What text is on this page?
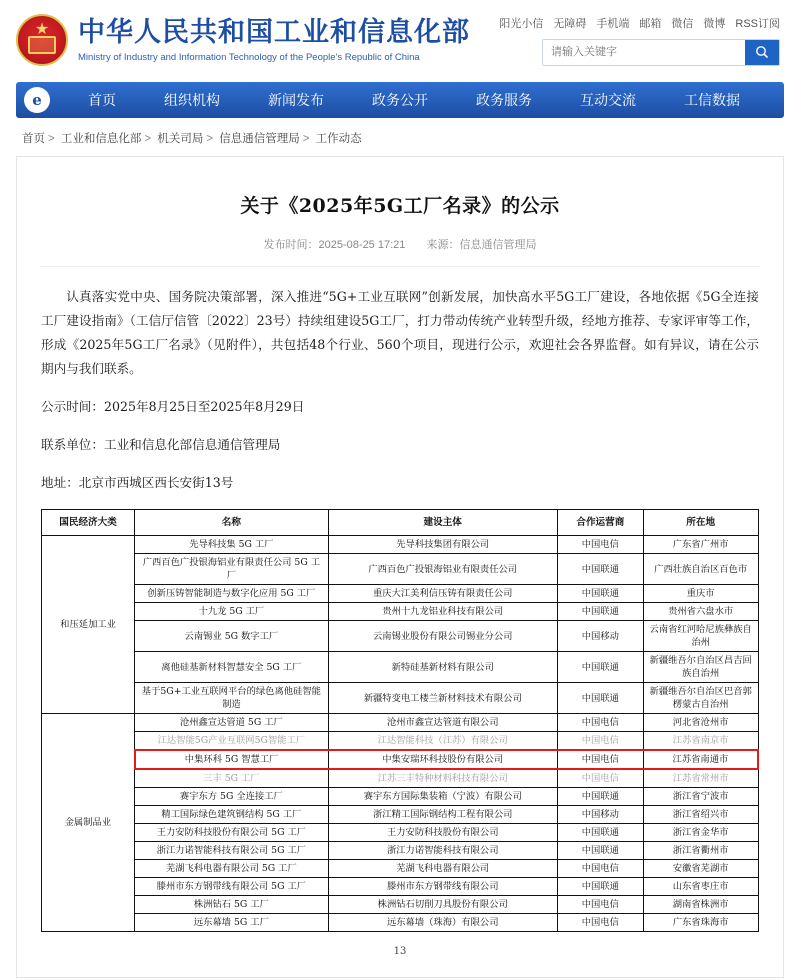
★
中华人民共和国工业和信息化部
Ministry of Industry and Information Technology of the People's Republic of China
阳光小信 无障碍 手机端 邮箱 微信 微博 RSS订阅
请输入关键字
e	首页	组织机构	新闻发布	政务公开	政务服务	互动交流	工信数据
首页 > 工业和信息化部 > 机关司局 > 信息通信管理局 > 工作动态
关于《2025年5G工厂名录》的公示
发布时间：2025-08-25 17:21 来源：信息通信管理局

认真落实党中央、国务院决策部署，深入推进“5G+工业互联网”创新发展，加快高水平5G工厂建设，各地依据《5G全连接工厂建设指南》（工信厅信管〔2022〕23号）持续组建设5G工厂，打力带动传统产业转型升级，经地方推荐、专家评审等工作，形成《2025年5G工厂名录》（见附件），共包括48个行业、560个项目，现进行公示，欢迎社会各界监督。如有异议，请在公示期内与我们联系。

公示时间：2025年8月25日至2025年8月29日

联系单位：工业和信息化部信息通信管理局

地址：北京市西城区西长安街13号

国民经济大类	名称	建设主体	合作运营商	所在地
和压延加工业	先导科技集 5G 工厂	先导科技集团有限公司	中国电信	广东省广州市
	广西百色广投银海铝业有限责任公司 5G 工厂	广西百色广投银海铝业有限责任公司	中国联通	广西壮族自治区百色市
	创新压铸智能制造与数字化应用 5G 工厂	重庆大江美利信压铸有限责任公司	中国联通	重庆市
	十九龙 5G 工厂	贵州十九龙铝业科技有限公司	中国联通	贵州省六盘水市
	云南锡业 5G 数字工厂	云南锡业股份有限公司锡业分公司	中国移动	云南省红河哈尼族彝族自治州
	离他硅基新材料智慧安全 5G 工厂	新特硅基新材料有限公司	中国联通	新疆维吾尔自治区昌吉回族自治州
	基于5G+工业互联网平台的绿色离他硅智能制造	新疆特变电工楼兰新材料技术有限公司	中国联通	新疆维吾尔自治区巴音郭楞蒙古自治州
金属制品业	沧州鑫宣达管道 5G 工厂	沧州市鑫宣达管道有限公司	中国电信	河北省沧州市
	江达智能5G产业互联网5G智能工厂	江达智能科技（江苏）有限公司	中国电信	江苏省南京市
	中集环科 5G 智慧工厂	中集安瑞环科技股份有限公司	中国电信	江苏省南通市
	三丰 5G 工厂	江苏三丰特种材料科技有限公司	中国电信	江苏省常州市
	赛宇东方 5G 全连接工厂	赛宇东方国际集装箱（宁波）有限公司	中国联通	浙江省宁波市
	精工国际绿色建筑钢结构 5G 工厂	浙江精工国际钢结构工程有限公司	中国移动	浙江省绍兴市
	王力安防科技股份有限公司 5G 工厂	王力安防科技股份有限公司	中国联通	浙江省金华市
	浙江力诺智能科技有限公司 5G 工厂	浙江力诺智能科技有限公司	中国联通	浙江省衢州市
	芜湖飞科电器有限公司 5G 工厂	芜湖飞科电器有限公司	中国电信	安徽省芜湖市
	滕州市东方钢带线有限公司 5G 工厂	滕州市东方钢带线有限公司	中国联通	山东省枣庄市
	株洲钻石 5G 工厂	株洲钻石切削刀具股份有限公司	中国电信	湖南省株洲市
	远东幕墙 5G 工厂	远东幕墙（珠海）有限公司	中国电信	广东省珠海市
13
